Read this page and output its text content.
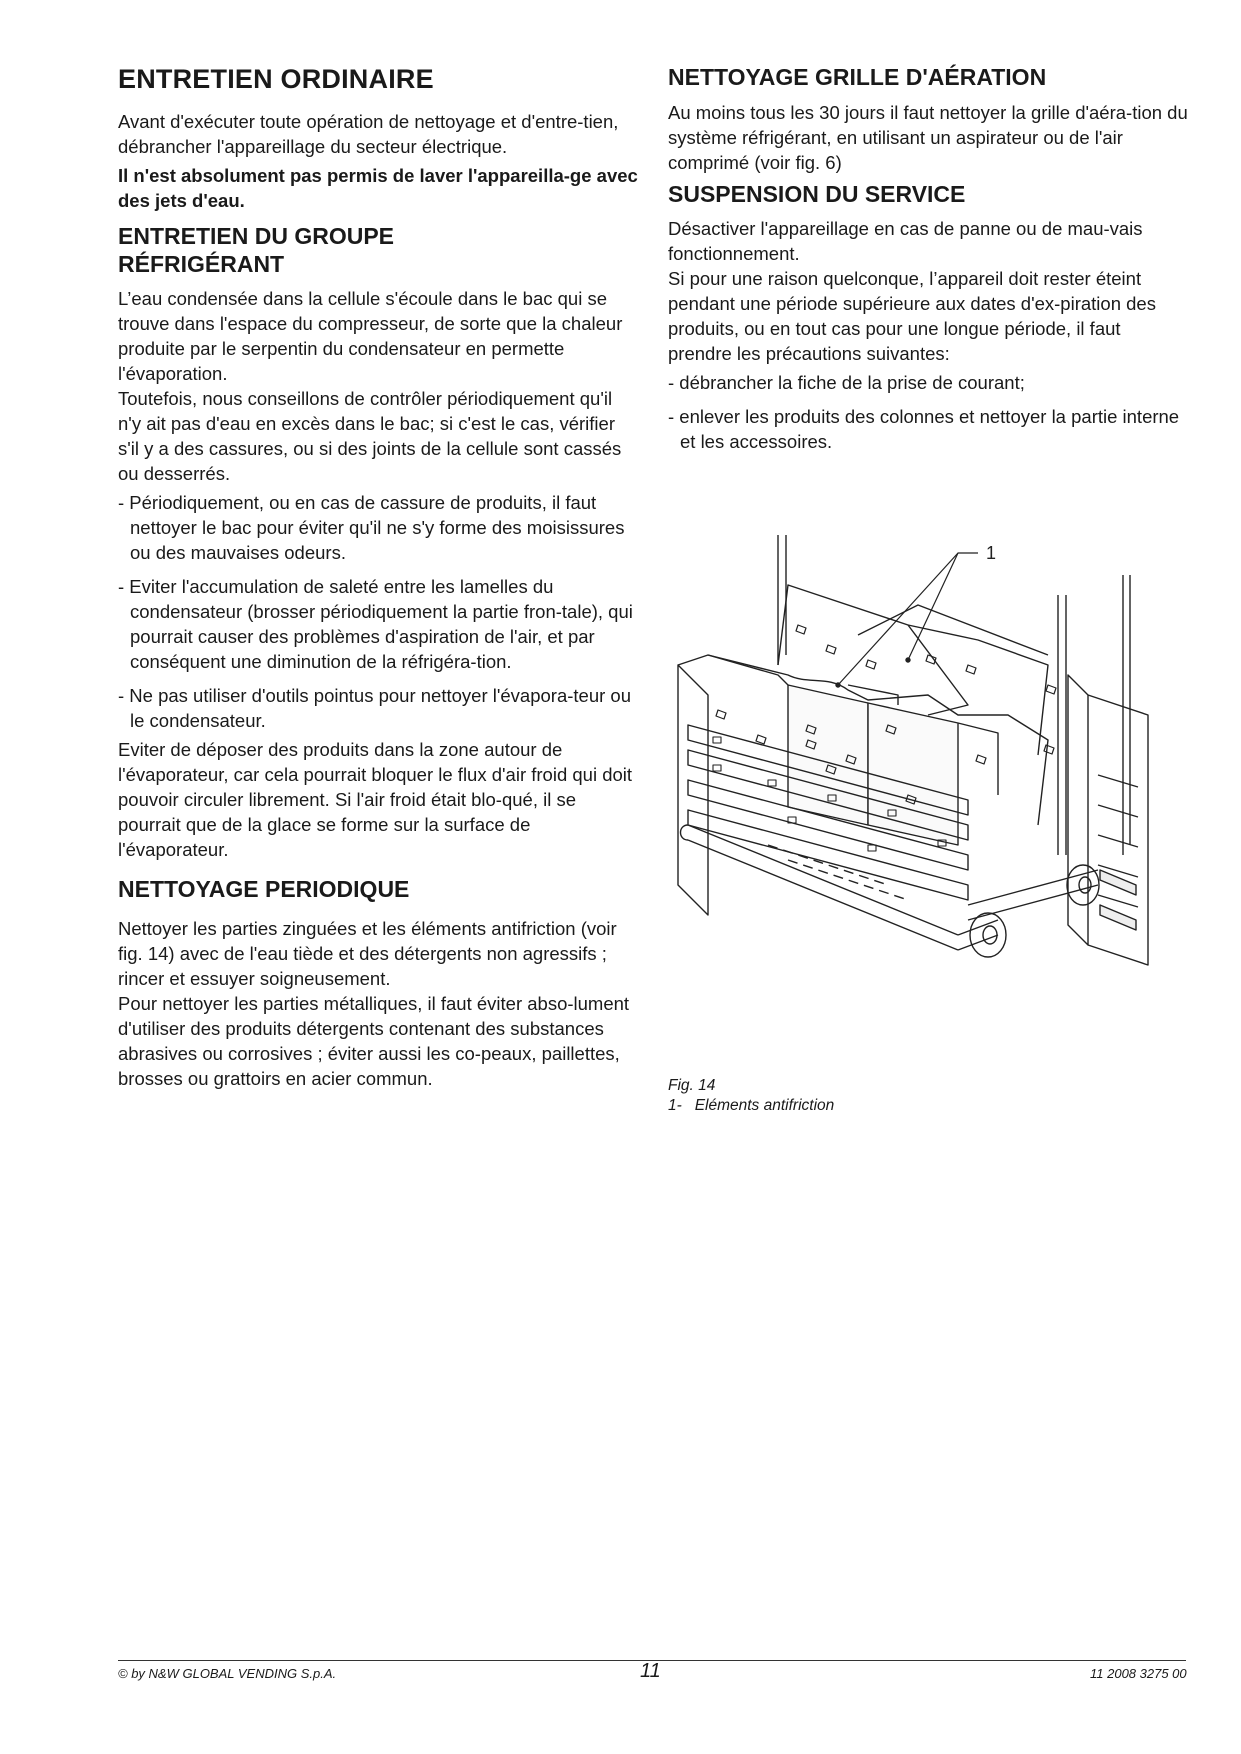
ENTRETIEN ORDINAIRE

Avant d'exécuter toute opération de nettoyage et d'entre-tien, débrancher l'appareillage du secteur électrique.

Il n'est absolument pas permis de laver l'appareilla-ge avec des jets d'eau.

ENTRETIEN DU GROUPE
RÉFRIGÉRANT

L’eau condensée dans la cellule s'écoule dans le bac qui se trouve dans l'espace du compresseur, de sorte que la chaleur produite par le serpentin du condensateur en permette l'évaporation.

Toutefois, nous conseillons de contrôler périodiquement qu'il n'y ait pas d'eau en excès dans le bac; si c'est le cas, vérifier s'il y a des cassures, ou si des joints de la cellule sont cassés ou desserrés.

- Périodiquement, ou en cas de cassure de produits, il faut nettoyer le bac pour éviter qu'il ne s'y forme des moisissures ou des mauvaises odeurs.

- Eviter l'accumulation de saleté entre les lamelles du condensateur (brosser périodiquement la partie fron-tale), qui pourrait causer des problèmes d'aspiration de l'air, et par conséquent une diminution de la réfrigéra-tion.

- Ne pas utiliser d'outils pointus pour nettoyer l'évapora-teur ou le condensateur.

Eviter de déposer des produits dans la zone autour de l'évaporateur, car cela pourrait bloquer le flux d'air froid qui doit pouvoir circuler librement. Si l'air froid était blo-qué, il se pourrait que de la glace se forme sur la surface de l'évaporateur.

NETTOYAGE PERIODIQUE

Nettoyer les parties zinguées et les éléments antifriction (voir fig. 14) avec de l'eau tiède et des détergents non agressifs ; rincer et essuyer soigneusement.

Pour nettoyer les parties métalliques, il faut éviter abso-lument d'utiliser des produits détergents contenant des substances abrasives ou corrosives ; éviter aussi les co-peaux, paillettes, brosses ou grattoirs en acier commun.

NETTOYAGE GRILLE D'AÉRATION

Au moins tous les 30 jours il faut nettoyer la grille d'aéra-tion du système réfrigérant, en utilisant un aspirateur ou de l'air comprimé (voir fig. 6)

SUSPENSION DU SERVICE

Désactiver l'appareillage en cas de panne ou de mau-vais fonctionnement.

Si pour une raison quelconque, l’appareil doit rester éteint pendant une période supérieure aux dates d'ex-piration des produits, ou en tout cas pour une longue période, il faut prendre les précautions suivantes:

- débrancher la fiche de la prise de courant;

- enlever les produits des colonnes et nettoyer la partie interne et les accessoires.

1
Fig. 14
1-   Eléments antifriction
© by N&W GLOBAL VENDING S.p.A.	11	11 2008 3275 00
